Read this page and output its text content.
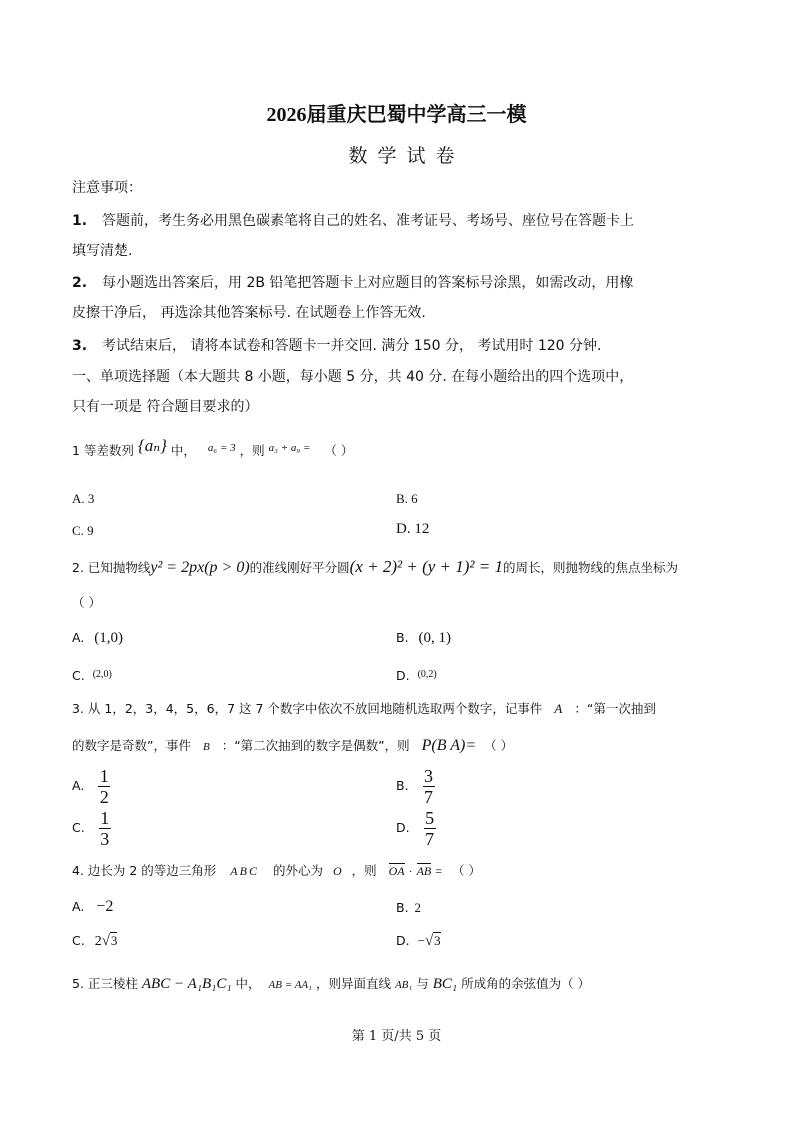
2026届重庆巴蜀中学高三一模
数学试卷
注意事项：
1. 答题前，考生务必用黑色碳素笔将自己的姓名、准考证号、考场号、座位号在答题卡上
填写清楚.
2. 每小题选出答案后，用 2B 铅笔把答题卡上对应题目的答案标号涂黑，如需改动，用橡
皮擦干净后， 再选涂其他答案标号. 在试题卷上作答无效.
3. 考试结束后， 请将本试卷和答题卡一并交回. 满分 150 分， 考试用时 120 分钟.
一、单项选择题（本大题共 8 小题，每小题 5 分，共 40 分. 在每小题给出的四个选项中，
只有一项是 符合题目要求的）
1 等差数列 {aₙ} 中， a₆ = 3 ，则 a₃ + a₉ = （ ）
A. 3	B. 6
C. 9	D. 12
2. 已知抛物线y² = 2px(p > 0)的准线刚好平分圆(x + 2)² + (y + 1)² = 1的周长，则抛物线的焦点坐标为
（ ）
A. (1,0)	B. (0, 1)
C. $^{(2,0)}$	D. $^{(0,2)}$
3. 从 1，2，3，4，5，6，7 这 7 个数字中依次不放回地随机选取两个数字，记事件 A ：“第一次抽到
的数字是奇数”，事件 B ：“第二次抽到的数字是偶数”，则 P(B A)= （ ）
A. $\frac{1}{2}$	B. $\frac{3}{7}$
C. $\frac{1}{3}$	D. $\frac{5}{7}$
4. 边长为 2 的等边三角形 ABC 的外心为 O ，则 OA · AB = （ ）
A. −2	B. 2
C. 2√3	D. −√3
5. 正三棱柱 ABC − A₁B₁C₁ 中， AB = AA₁ ，则异面直线 AB₁ 与 BC₁ 所成角的余弦值为（ ）
第 1 页/共 5 页
